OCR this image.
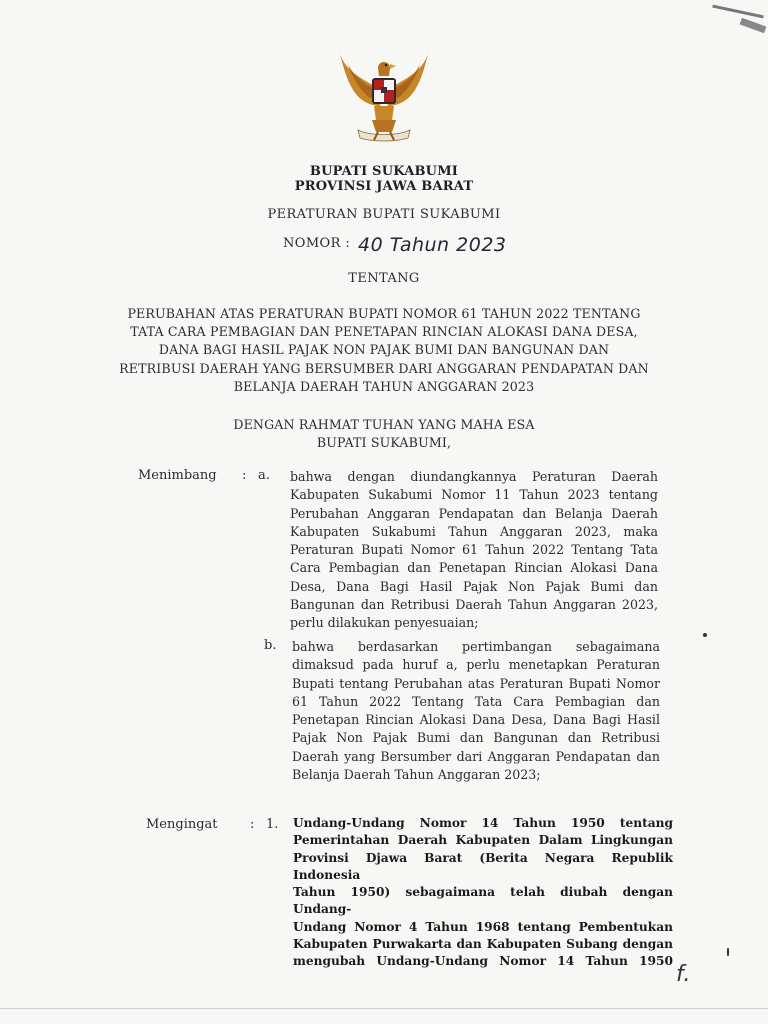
BUPATI SUKABUMI
PROVINSI JAWA BARAT
PERATURAN BUPATI SUKABUMI
NOMOR : 40 Tahun 2023
TENTANG
PERUBAHAN ATAS PERATURAN BUPATI NOMOR 61 TAHUN 2022 TENTANG
TATA CARA PEMBAGIAN DAN PENETAPAN RINCIAN ALOKASI DANA DESA,
DANA BAGI HASIL PAJAK NON PAJAK BUMI DAN BANGUNAN DAN
RETRIBUSI DAERAH YANG BERSUMBER DARI ANGGARAN PENDAPATAN DAN
BELANJA DAERAH TAHUN ANGGARAN 2023
DENGAN RAHMAT TUHAN YANG MAHA ESA
BUPATI SUKABUMI,
Menimbang : a. bahwa dengan diundangkannya Peraturan Daerah
Kabupaten Sukabumi Nomor 11 Tahun 2023 tentang
Perubahan Anggaran Pendapatan dan Belanja Daerah
Kabupaten Sukabumi Tahun Anggaran 2023, maka
Peraturan Bupati Nomor 61 Tahun 2022 Tentang Tata
Cara Pembagian dan Penetapan Rincian Alokasi Dana
Desa, Dana Bagi Hasil Pajak Non Pajak Bumi dan
Bangunan dan Retribusi Daerah Tahun Anggaran 2023,
perlu dilakukan penyesuaian;
b. bahwa berdasarkan pertimbangan sebagaimana
dimaksud pada huruf a, perlu menetapkan Peraturan
Bupati tentang Perubahan atas Peraturan Bupati Nomor
61 Tahun 2022 Tentang Tata Cara Pembagian dan
Penetapan Rincian Alokasi Dana Desa, Dana Bagi Hasil
Pajak Non Pajak Bumi dan Bangunan dan Retribusi
Daerah yang Bersumber dari Anggaran Pendapatan dan
Belanja Daerah Tahun Anggaran 2023;
Mengingat : 1. Undang-Undang Nomor 14 Tahun 1950 tentang
Pemerintahan Daerah Kabupaten Dalam Lingkungan
Provinsi Djawa Barat (Berita Negara Republik Indonesia
Tahun 1950) sebagaimana telah diubah dengan Undang-
Undang Nomor 4 Tahun 1968 tentang Pembentukan
Kabupaten Purwakarta dan Kabupaten Subang dengan
mengubah Undang-Undang Nomor 14 Tahun 1950
f.
